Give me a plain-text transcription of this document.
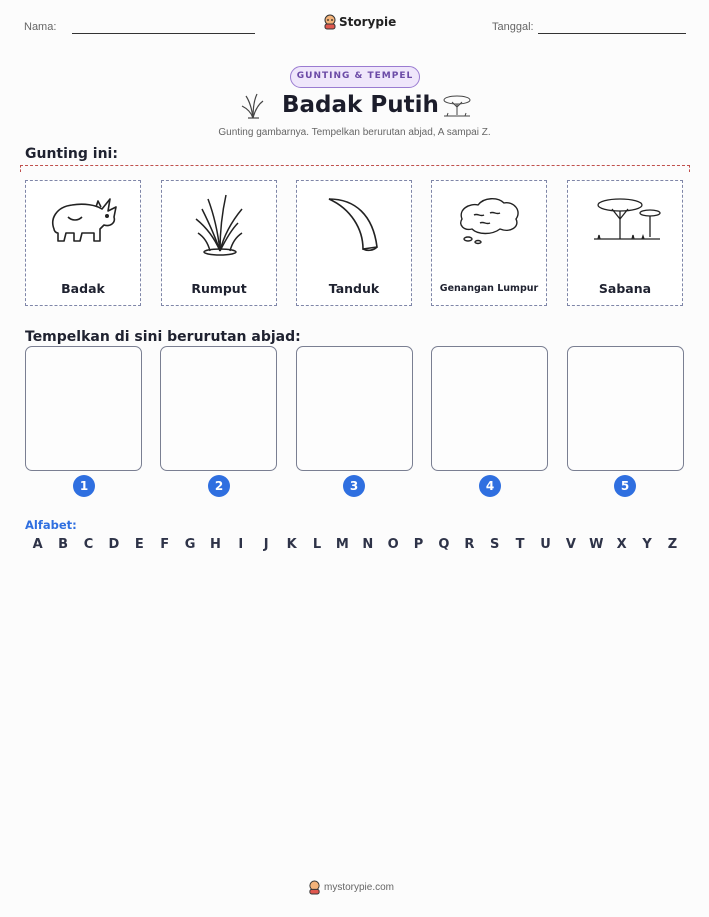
Nama:	Storypie	Tanggal:
GUNTING & TEMPEL
Badak Putih
Gunting gambarnya. Tempelkan berurutan abjad, A sampai Z.
Gunting ini:
Badak	Rumput	Tanduk	Genangan Lumpur	Sabana
Tempelkan di sini berurutan abjad:
1	2	3	4	5
Alfabet:
A B C D E F G H I J K L M N O P Q R S T U V W X Y Z
mystorypie.com
